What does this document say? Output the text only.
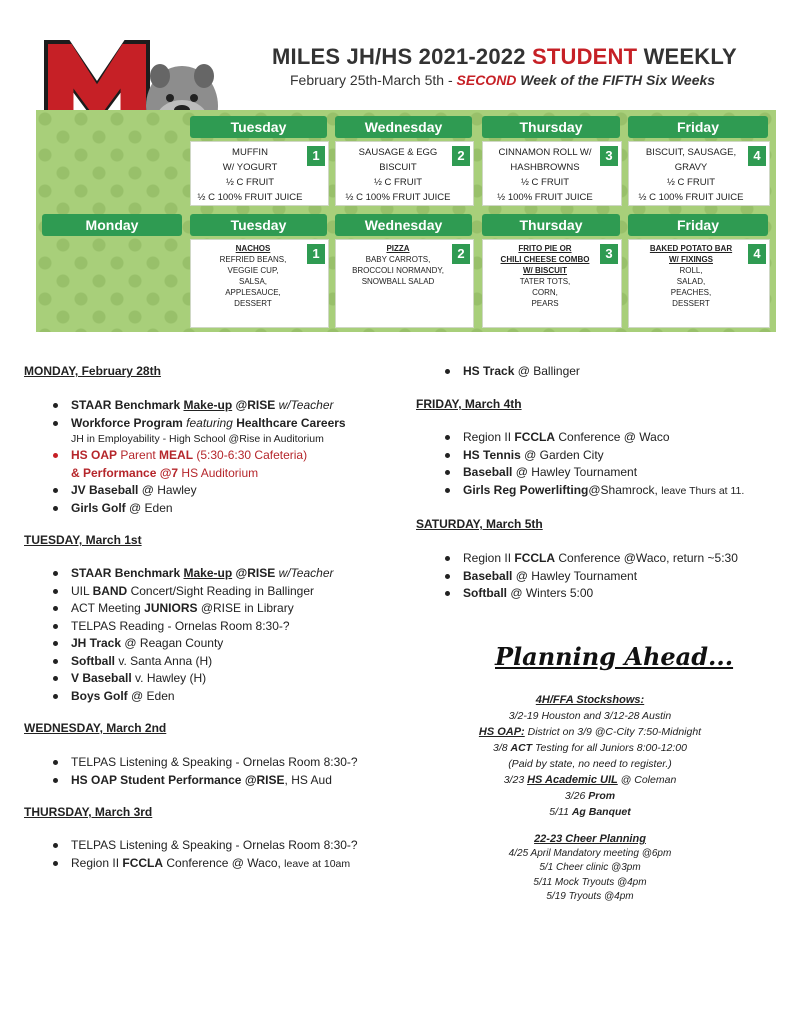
MILES JH/HS 2021-2022 STUDENT WEEKLY
February 25th-March 5th - SECOND Week of the FIFTH Six Weeks
Tuesday	Wednesday	Thursday	Friday
1
MUFFIN
W/ YOGURT
½ C FRUIT
½ C 100% FRUIT JUICE
2
SAUSAGE & EGG
BISCUIT
½ C FRUIT
½ C 100% FRUIT JUICE
3
CINNAMON ROLL W/
HASHBROWNS
½ C FRUIT
½ 100% FRUIT JUICE
4
BISCUIT, SAUSAGE,
GRAVY
½ C FRUIT
½ C 100% FRUIT JUICE
Monday	Tuesday	Wednesday	Thursday	Friday
1
NACHOS
REFRIED BEANS,
VEGGIE CUP,
SALSA,
APPLESAUCE,
DESSERT
2
PIZZA
BABY CARROTS,
BROCCOLI NORMANDY,
SNOWBALL SALAD
3
FRITO PIE OR
CHILI CHEESE COMBO
W/ BISCUIT
TATER TOTS,
CORN,
PEARS
4
BAKED POTATO BAR
W/ FIXINGS
ROLL,
SALAD,
PEACHES,
DESSERT
MONDAY, February 28th
STAAR Benchmark Make-up @RISE w/Teacher
Workforce Program featuring Healthcare Careers
JH in Employability - High School @Rise in Auditorium
HS OAP Parent MEAL (5:30-6:30 Cafeteria)
& Performance @7 HS Auditorium
JV Baseball @ Hawley
Girls Golf @ Eden
TUESDAY, March 1st
STAAR Benchmark Make-up @RISE w/Teacher
UIL BAND Concert/Sight Reading in Ballinger
ACT Meeting JUNIORS @RISE in Library
TELPAS Reading - Ornelas Room 8:30-?
JH Track @ Reagan County
Softball v. Santa Anna (H)
V Baseball v. Hawley (H)
Boys Golf @ Eden
WEDNESDAY, March 2nd
TELPAS Listening & Speaking - Ornelas Room 8:30-?
HS OAP Student Performance @RISE, HS Aud
THURSDAY, March 3rd
TELPAS Listening & Speaking - Ornelas Room 8:30-?
Region II FCCLA Conference @ Waco, leave at 10am
HS Track @ Ballinger
FRIDAY, March 4th
Region II FCCLA Conference @ Waco
HS Tennis @ Garden City
Baseball @ Hawley Tournament
Girls Reg Powerlifting@Shamrock, leave Thurs at 11.
SATURDAY, March 5th
Region II FCCLA Conference @Waco, return ~5:30
Baseball @ Hawley Tournament
Softball @ Winters 5:00
Planning Ahead...
4H/FFA Stockshows:
3/2-19 Houston and 3/12-28 Austin
HS OAP: District on 3/9 @C-City 7:50-Midnight
3/8 ACT Testing for all Juniors 8:00-12:00
(Paid by state, no need to register.)
3/23 HS Academic UIL @ Coleman
3/26 Prom
5/11 Ag Banquet
22-23 Cheer Planning
4/25 April Mandatory meeting @6pm
5/1 Cheer clinic @3pm
5/11 Mock Tryouts @4pm
5/19 Tryouts @4pm
